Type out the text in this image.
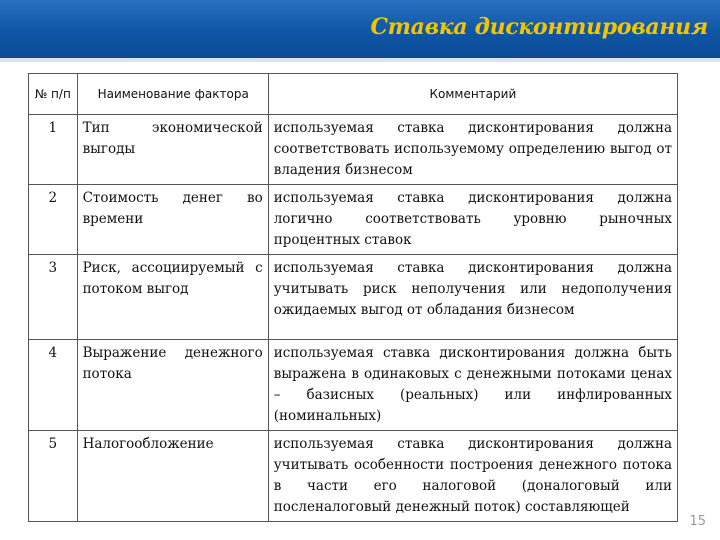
Ставка дисконтирования
№ п/п	Наименование фактора	Комментарий
1	Тип экономической выгоды	используемая ставка дисконтирования должна соответствовать используемому определению выгод от владения бизнесом
2	Стоимость денег во времени	используемая ставка дисконтирования должна логично соответствовать уровню рыночных процентных ставок
3	Риск, ассоциируемый с потоком выгод	используемая ставка дисконтирования должна учитывать риск неполучения или недополучения ожидаемых выгод от обладания бизнесом
4	Выражение денежного потока	используемая ставка дисконтирования должна быть выражена в одинаковых с денежными потоками ценах – базисных (реальных) или инфлированных (номинальных)
5	Налогообложение	используемая ставка дисконтирования должна учитывать особенности построения денежного потока в части его налоговой (доналоговый или посленалоговый денежный поток) составляющей
15
